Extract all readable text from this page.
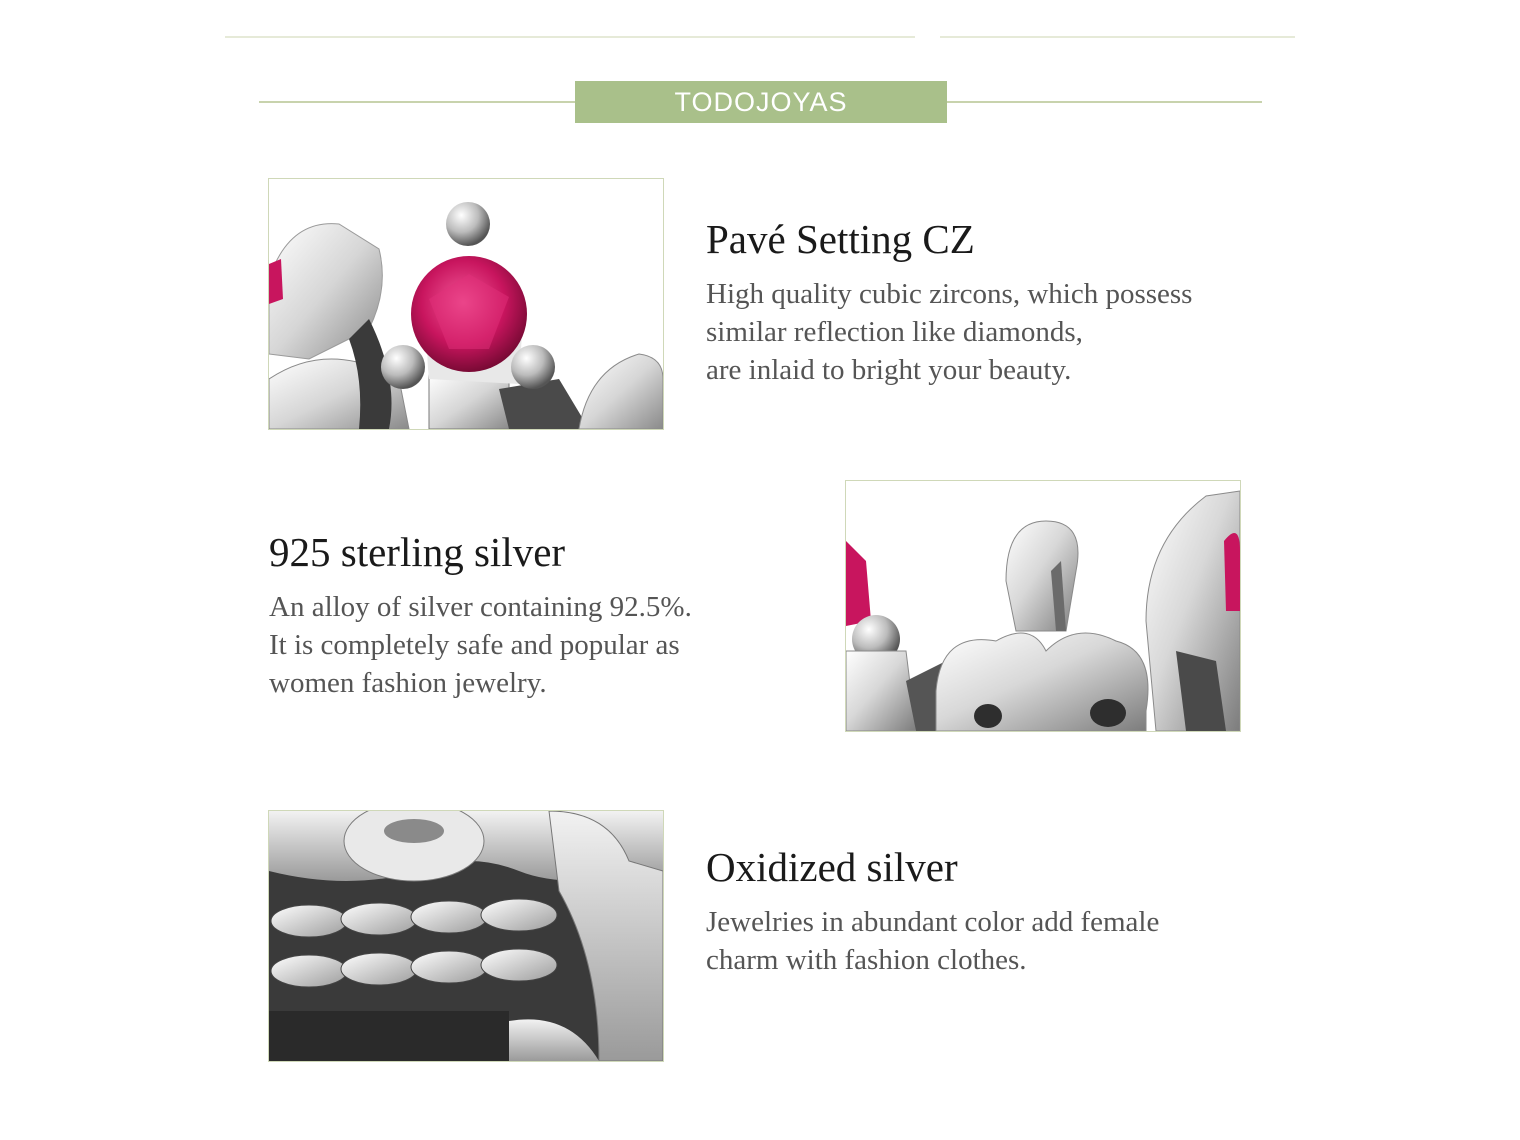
TODOJOYAS
Pavé Setting CZ

High quality cubic zircons, which possess
similar reflection like diamonds,
are inlaid to bright your beauty.

925 sterling silver

An alloy of silver containing 92.5%.
It is completely safe and popular as
women fashion jewelry.

Oxidized silver

Jewelries in abundant color add female
charm with fashion clothes.
